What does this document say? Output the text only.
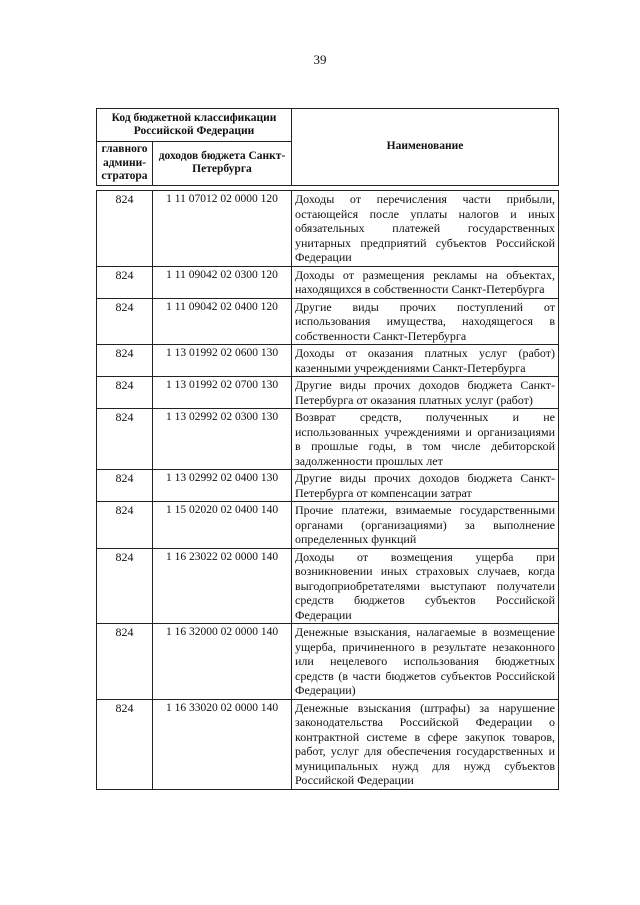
39
Код бюджетной классификации Российской Федерации		Наименование
главного админи-стратора	доходов бюджета Санкт-Петербурга	
824	1 11 07012 02 0000 120	Доходы от перечисления части прибыли, остающейся после уплаты налогов и иных обязательных платежей государственных унитарных предприятий субъектов Российской Федерации
824	1 11 09042 02 0300 120	Доходы от размещения рекламы на объектах, находящихся в собственности Санкт-Петербурга
824	1 11 09042 02 0400 120	Другие виды прочих поступлений от использования имущества, находящегося в собственности Санкт-Петербурга
824	1 13 01992 02 0600 130	Доходы от оказания платных услуг (работ) казенными учреждениями Санкт-Петербурга
824	1 13 01992 02 0700 130	Другие виды прочих доходов бюджета Санкт-Петербурга от оказания платных услуг (работ)
824	1 13 02992 02 0300 130	Возврат средств, полученных и не использованных учреждениями и организациями в прошлые годы, в том числе дебиторской задолженности прошлых лет
824	1 13 02992 02 0400 130	Другие виды прочих доходов бюджета Санкт-Петербурга от компенсации затрат
824	1 15 02020 02 0400 140	Прочие платежи, взимаемые государственными органами (организациями) за выполнение определенных функций
824	1 16 23022 02 0000 140	Доходы от возмещения ущерба при возникновении иных страховых случаев, когда выгодоприобретателями выступают получатели средств бюджетов субъектов Российской Федерации
824	1 16 32000 02 0000 140	Денежные взыскания, налагаемые в возмещение ущерба, причиненного в результате незаконного или нецелевого использования бюджетных средств (в части бюджетов субъектов Российской Федерации)
824	1 16 33020 02 0000 140	Денежные взыскания (штрафы) за нарушение законодательства Российской Федерации о контрактной системе в сфере закупок товаров, работ, услуг для обеспечения государственных и муниципальных нужд для нужд субъектов Российской Федерации
